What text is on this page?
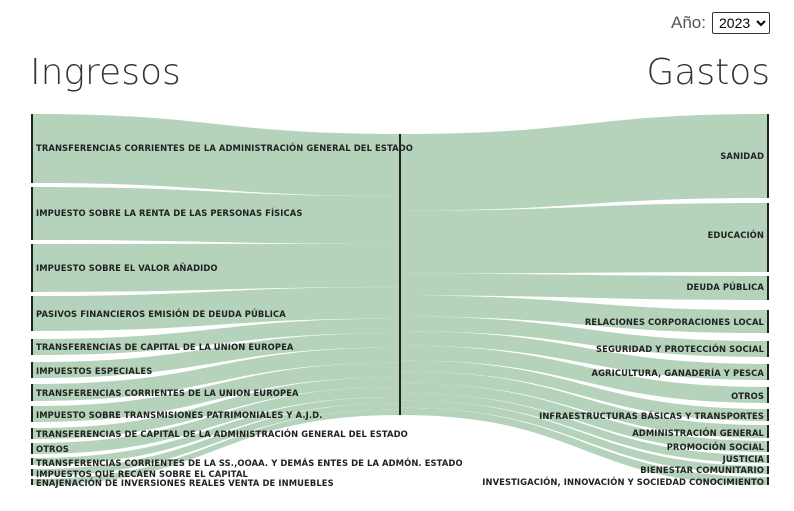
Año:
2023
Ingresos	Gastos
TRANSFERENCIAS CORRIENTES DE LA ADMINISTRACIÓN GENERAL DEL ESTADO
IMPUESTO SOBRE LA RENTA DE LAS PERSONAS FÍSICAS
IMPUESTO SOBRE EL VALOR AÑADIDO
PASIVOS FINANCIEROS EMISIÓN DE DEUDA PÚBLICA
TRANSFERENCIAS DE CAPITAL DE LA UNION EUROPEA
IMPUESTOS ESPECIALES
TRANSFERENCIAS CORRIENTES DE LA UNION EUROPEA
IMPUESTO SOBRE TRANSMISIONES PATRIMONIALES Y A.J.D.
TRANSFERENCIAS DE CAPITAL DE LA ADMINISTRACIÓN GENERAL DEL ESTADO
OTROS
TRANSFERENCIAS CORRIENTES DE LA SS.,OOAA. Y DEMÁS ENTES DE LA ADMÓN. ESTADO
IMPUESTOS QUE RECAEN SOBRE EL CAPITAL
ENAJENACIÓN DE INVERSIONES REALES VENTA DE INMUEBLES
SANIDAD
EDUCACIÓN
DEUDA PÚBLICA
RELACIONES CORPORACIONES LOCAL
SEGURIDAD Y PROTECCIÓN SOCIAL
AGRICULTURA, GANADERÍA Y PESCA
OTROS
INFRAESTRUCTURAS BÁSICAS Y TRANSPORTES
ADMINISTRACIÓN GENERAL
PROMOCIÓN SOCIAL
JUSTICIA
BIENESTAR COMUNITARIO
INVESTIGACIÓN, INNOVACIÓN Y SOCIEDAD CONOCIMIENTO
